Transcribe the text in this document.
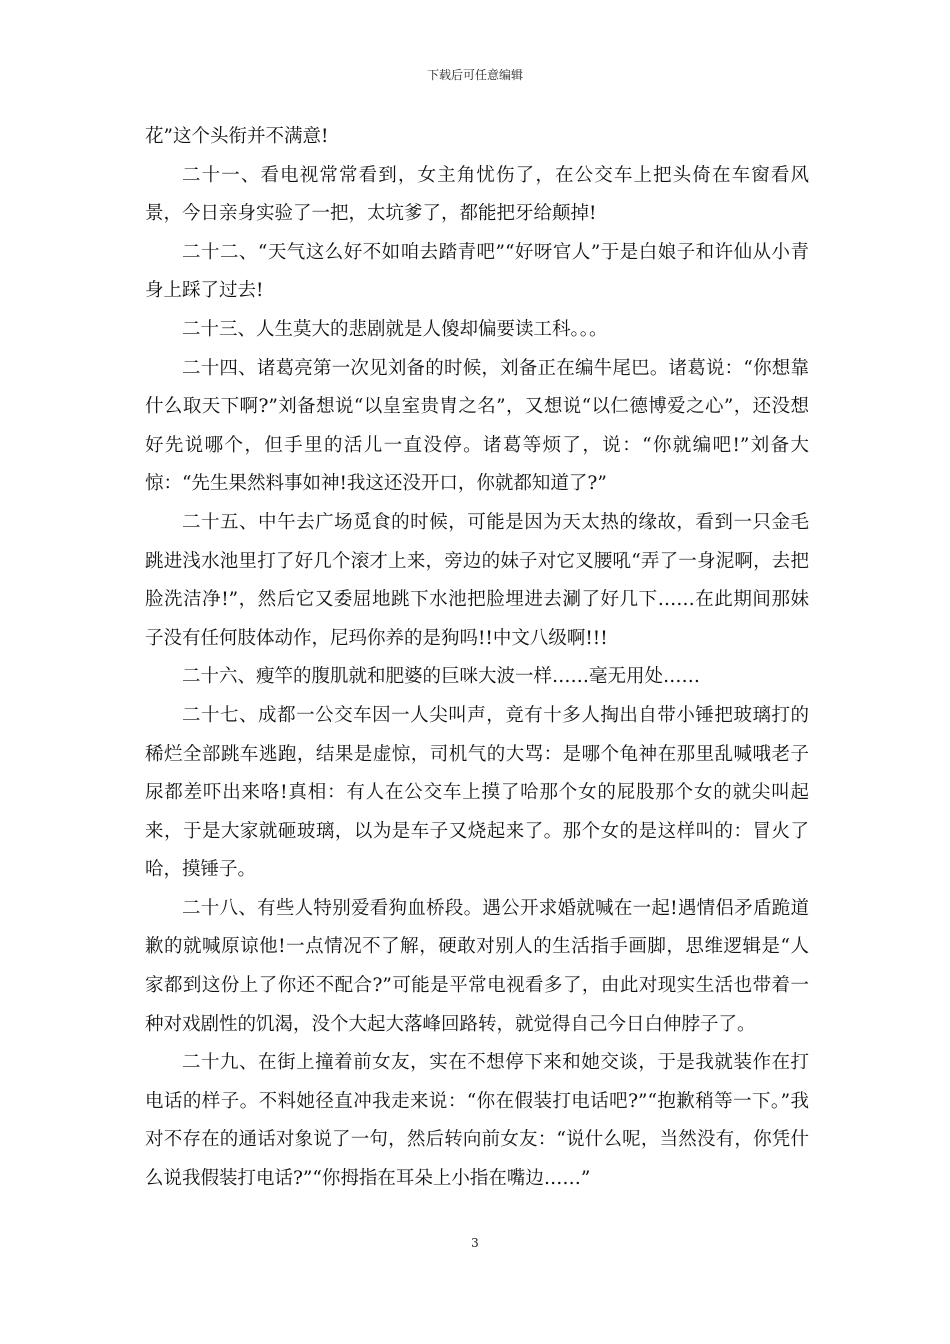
下载后可任意编辑

花”这个头衔并不满意!

二十一、看电视常常看到，女主角忧伤了，在公交车上把头倚在车窗看风景，今日亲身实验了一把，太坑爹了，都能把牙给颠掉!

二十二、“天气这么好不如咱去踏青吧”“好呀官人”于是白娘子和许仙从小青身上踩了过去!

二十三、人生莫大的悲剧就是人傻却偏要读工科。。。

二十四、诸葛亮第一次见刘备的时候，刘备正在编牛尾巴。诸葛说：“你想靠什么取天下啊?”刘备想说“以皇室贵胄之名”，又想说“以仁德博爱之心”，还没想好先说哪个，但手里的活儿一直没停。诸葛等烦了，说：“你就编吧!”刘备大惊：“先生果然料事如神!我这还没开口，你就都知道了?”

二十五、中午去广场觅食的时候，可能是因为天太热的缘故，看到一只金毛跳进浅水池里打了好几个滚才上来，旁边的妹子对它叉腰吼“弄了一身泥啊，去把脸洗洁净!”，然后它又委屈地跳下水池把脸埋进去涮了好几下……在此期间那妹子没有任何肢体动作，尼玛你养的是狗吗!!中文八级啊!!!

二十六、瘦竿的腹肌就和肥婆的巨咪大波一样……毫无用处……

二十七、成都一公交车因一人尖叫声，竟有十多人掏出自带小锤把玻璃打的稀烂全部跳车逃跑，结果是虚惊，司机气的大骂：是哪个龟神在那里乱喊哦老子尿都差吓出来咯!真相：有人在公交车上摸了哈那个女的屁股那个女的就尖叫起来，于是大家就砸玻璃，以为是车子又烧起来了。那个女的是这样叫的：冒火了哈，摸锤子。

二十八、有些人特别爱看狗血桥段。遇公开求婚就喊在一起!遇情侣矛盾跪道歉的就喊原谅他!一点情况不了解，硬敢对别人的生活指手画脚，思维逻辑是“人家都到这份上了你还不配合?”可能是平常电视看多了，由此对现实生活也带着一种对戏剧性的饥渴，没个大起大落峰回路转，就觉得自己今日白伸脖子了。

二十九、在街上撞着前女友，实在不想停下来和她交谈，于是我就装作在打电话的样子。不料她径直冲我走来说：“你在假装打电话吧?”“抱歉稍等一下。”我对不存在的通话对象说了一句，然后转向前女友：“说什么呢，当然没有，你凭什么说我假装打电话?”“你拇指在耳朵上小指在嘴边……”

3
